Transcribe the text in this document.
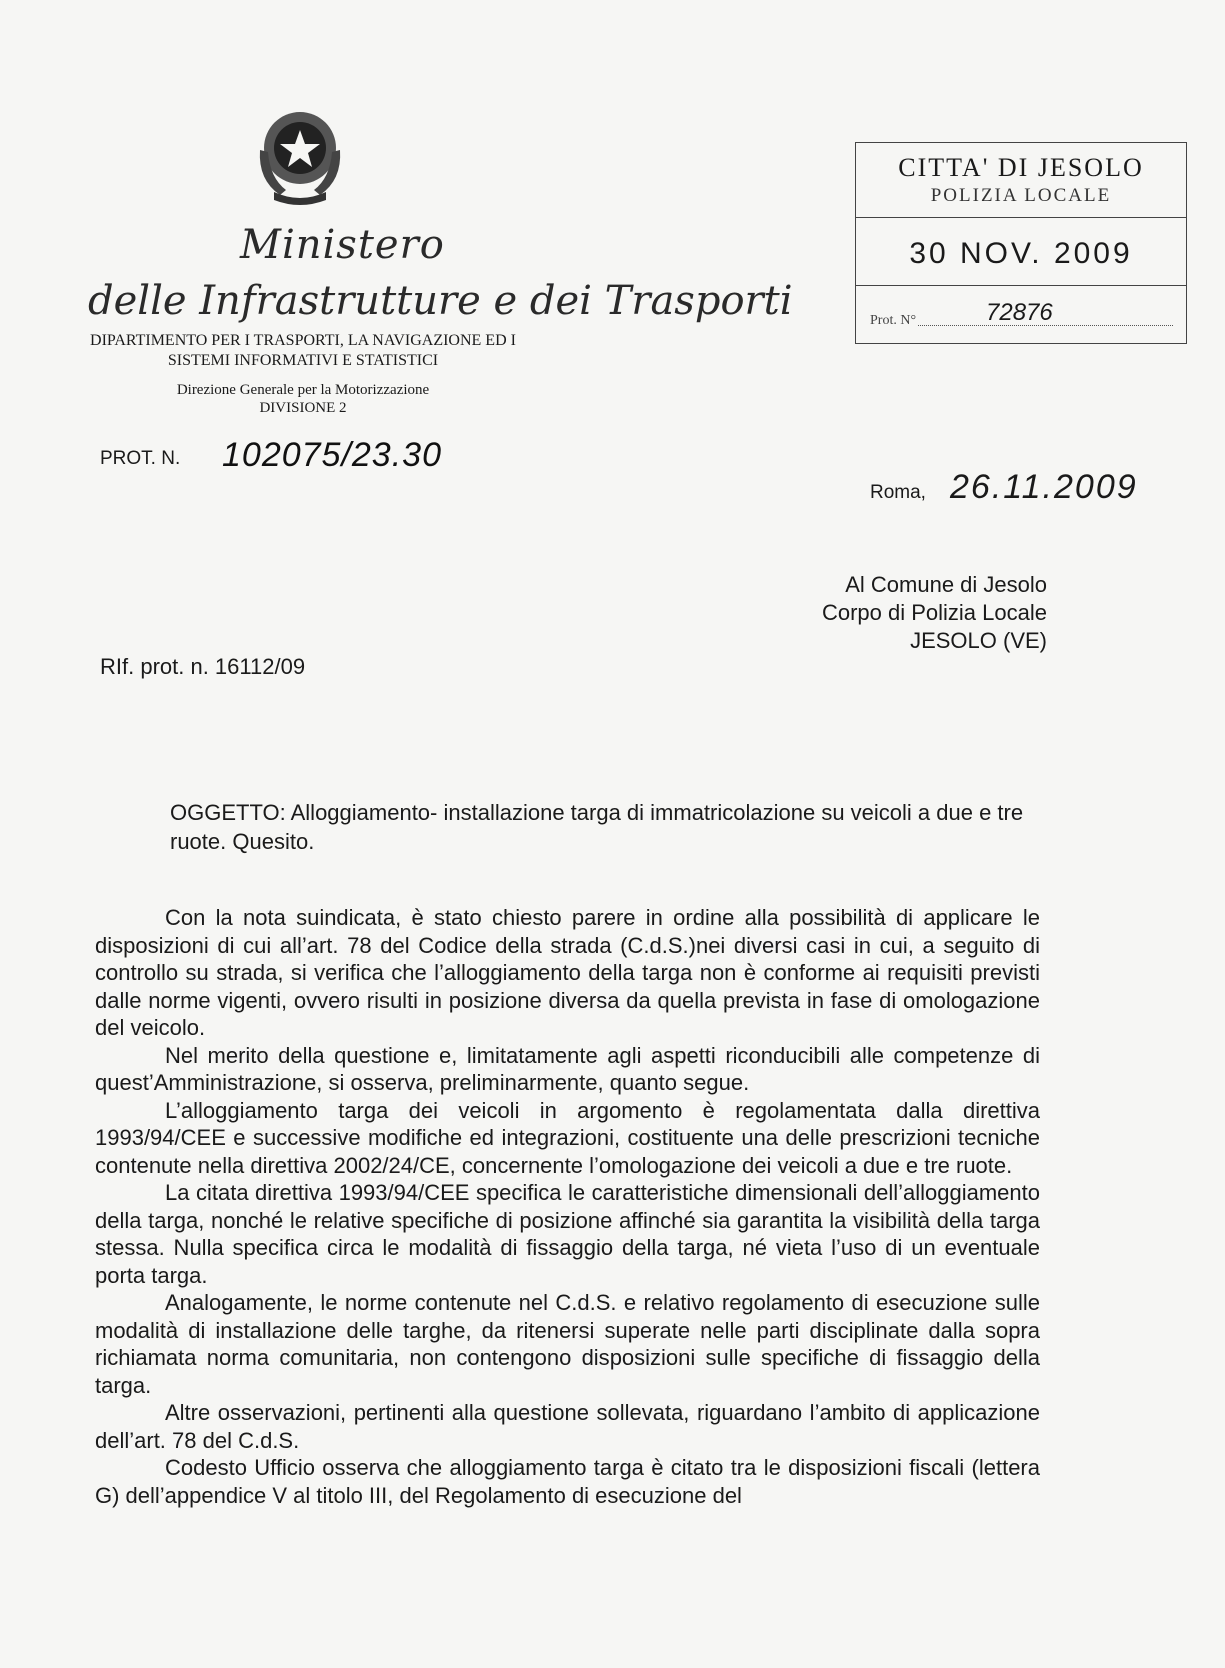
Ministero
delle Infrastrutture e dei Trasporti
DIPARTIMENTO PER I TRASPORTI, LA NAVIGAZIONE ED I
SISTEMI INFORMATIVI E STATISTICI
Direzione Generale per la Motorizzazione
DIVISIONE 2
PROT. N. 102075/23.30
CITTA' DI JESOLO
POLIZIA LOCALE
30 NOV. 2009
Prot. N°	72876
Roma, 26.11.2009
Al Comune di Jesolo
Corpo di Polizia Locale
JESOLO (VE)
RIf. prot. n. 16112/09
OGGETTO: Alloggiamento- installazione targa di immatricolazione su veicoli a due e tre ruote. Quesito.

Con la nota suindicata, è stato chiesto parere in ordine alla possibilità di applicare le disposizioni di cui all’art. 78 del Codice della strada (C.d.S.)nei diversi casi in cui, a seguito di controllo su strada, si verifica che l’alloggiamento della targa non è conforme ai requisiti previsti dalle norme vigenti, ovvero risulti in posizione diversa da quella prevista in fase di omologazione del veicolo.

Nel merito della questione e, limitatamente agli aspetti riconducibili alle competenze di quest’Amministrazione, si osserva, preliminarmente, quanto segue.

L’alloggiamento targa dei veicoli in argomento è regolamentata dalla direttiva 1993/94/CEE e successive modifiche ed integrazioni, costituente una delle prescrizioni tecniche contenute nella direttiva 2002/24/CE, concernente l’omologazione dei veicoli a due e tre ruote.

La citata direttiva 1993/94/CEE specifica le caratteristiche dimensionali dell’alloggiamento della targa, nonché le relative specifiche di posizione affinché sia garantita la visibilità della targa stessa. Nulla specifica circa le modalità di fissaggio della targa, né vieta l’uso di un eventuale porta targa.

Analogamente, le norme contenute nel C.d.S. e relativo regolamento di esecuzione sulle modalità di installazione delle targhe, da ritenersi superate nelle parti disciplinate dalla sopra richiamata norma comunitaria, non contengono disposizioni sulle specifiche di fissaggio della targa.

Altre osservazioni, pertinenti alla questione sollevata, riguardano l’ambito di applicazione dell’art. 78 del C.d.S.

Codesto Ufficio osserva che alloggiamento targa è citato tra le disposizioni fiscali (lettera G) dell’appendice V al titolo III, del Regolamento di esecuzione del
